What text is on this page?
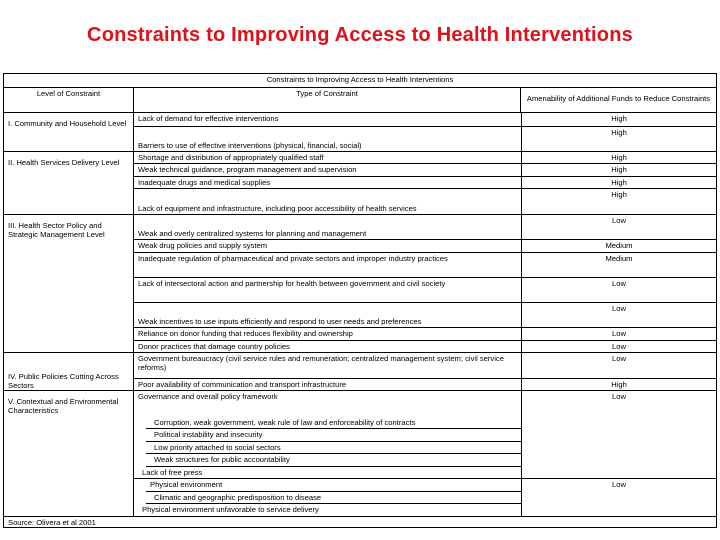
Constraints to Improving Access to Health Interventions
Constraints to Improving Access to Health Interventions
Level of Constraint	Type of Constraint
Amenability of Additional Funds to Reduce Constraints
Source: Olivera et al 2001
I. Community and Household Level
II. Health Services Delivery Level
III. Health Sector Policy and Strategic Management Level
IV. Public Policies Cutting Across Sectors
V. Contextual and Environmental Characteristics
Lack of demand for effective interventions
Barriers to use of effective interventions (physical, financial, social)
Shortage and distribution of appropriately qualified staff
Weak technical guidance, program management and supervision
Inadequate drugs and medical supplies
Lack of equipment and infrastructure, including poor accessibility of health services
Weak and overly centralized systems for planning and management
Weak drug policies and supply system
Inadequate regulation of pharmaceutical and private sectors and improper industry practices
Lack of intersectoral action and partnership for health between government and civil society
Weak incentives to use inputs efficiently and respond to user needs and preferences
Reliance on donor funding that reduces flexibility and ownership
Donor practices that damage country policies
Government bureaucracy (civil service rules and remuneration; centralized management system; civil service reforms)
Poor availability of communication and transport infrastructure
Governance and overall policy framework
Corruption, weak government, weak rule of law and enforceability of contracts
Political instability and insecurity
Low priority attached to social sectors
Weak structures for public accountability
Lack of free press
Physical environment
Climatic and geographic predisposition to disease
Physical environment unfavorable to service delivery
High
High
High
High
High
High
Low
Medium
Medium
Low
Low
Low
Low
Low
High
Low
Low
